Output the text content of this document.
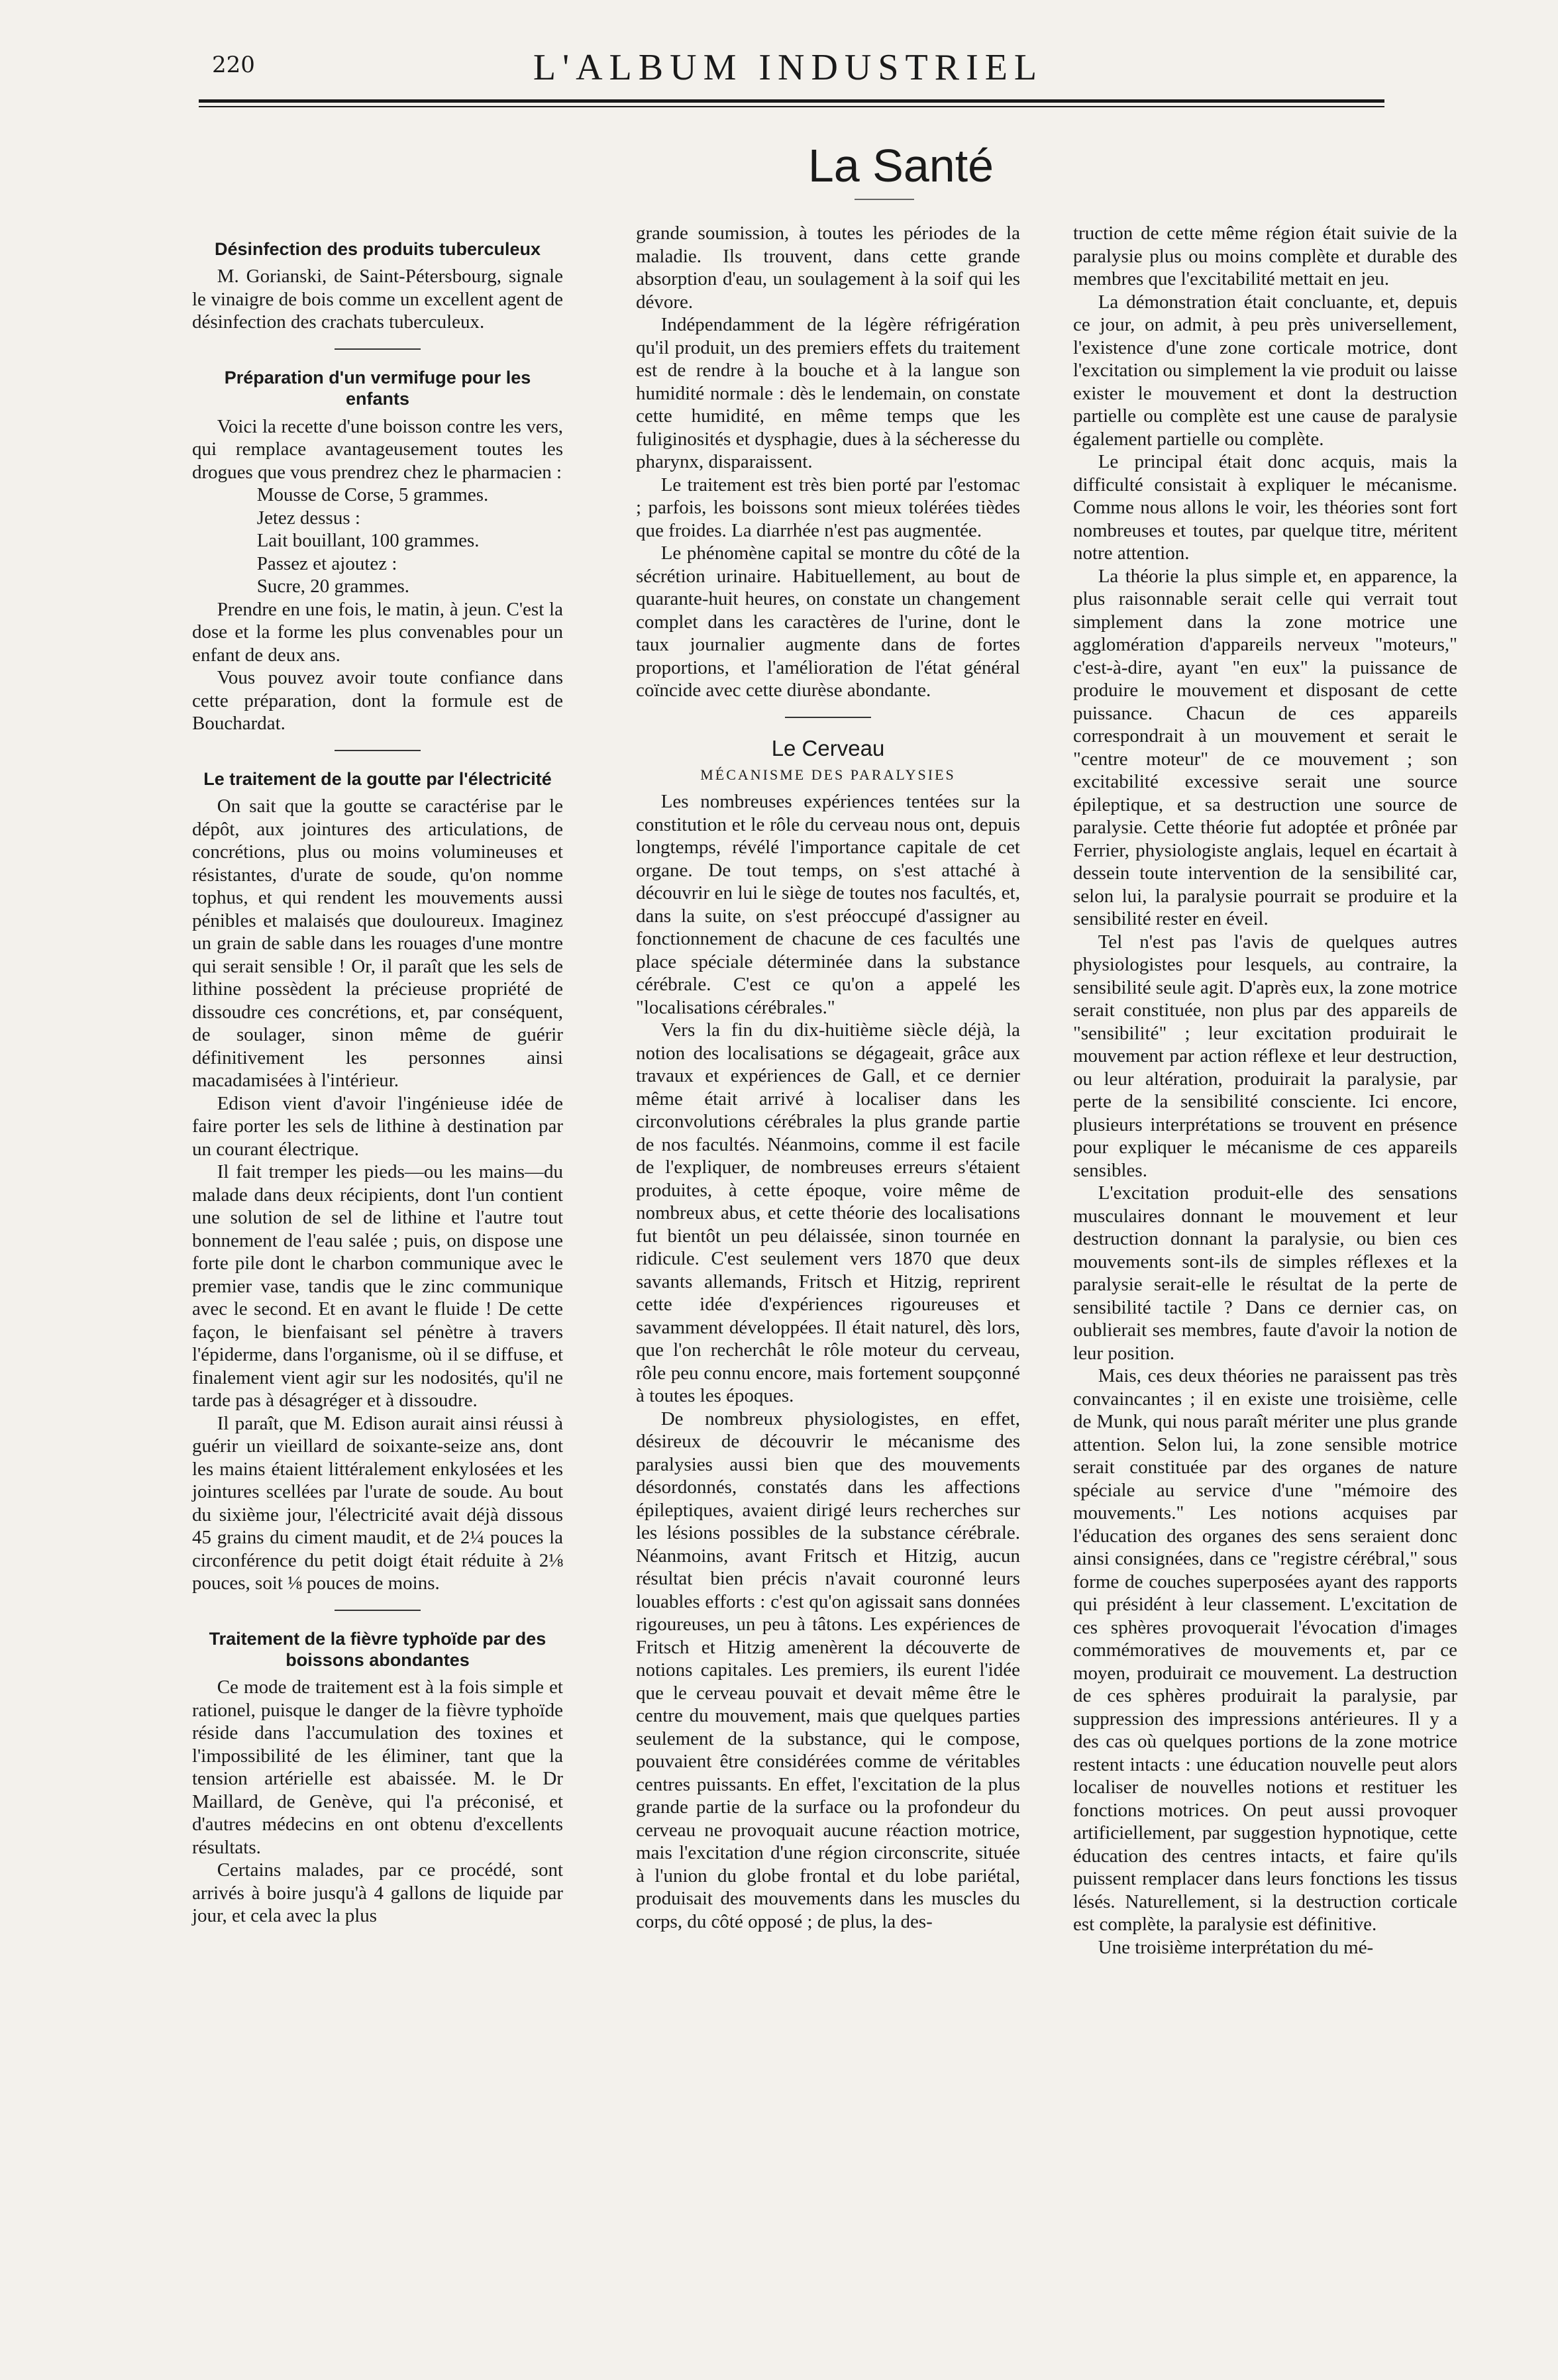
220	L'ALBUM INDUSTRIEL
La Santé
Désinfection des produits tuberculeux

M. Gorianski, de Saint-Pétersbourg, signale le vinaigre de bois comme un excellent agent de désinfection des crachats tuberculeux.

Préparation d'un vermifuge pour les enfants

Voici la recette d'une boisson contre les vers, qui remplace avantageusement toutes les drogues que vous prendrez chez le pharmacien :

Mousse de Corse, 5 grammes.

Jetez dessus :

Lait bouillant, 100 grammes.

Passez et ajoutez :

Sucre, 20 grammes.

Prendre en une fois, le matin, à jeun. C'est la dose et la forme les plus convenables pour un enfant de deux ans.

Vous pouvez avoir toute confiance dans cette préparation, dont la formule est de Bouchardat.

Le traitement de la goutte par l'électricité

On sait que la goutte se caractérise par le dépôt, aux jointures des articulations, de concrétions, plus ou moins volumineuses et résistantes, d'urate de soude, qu'on nomme tophus, et qui rendent les mouvements aussi pénibles et malaisés que douloureux. Imaginez un grain de sable dans les rouages d'une montre qui serait sensible ! Or, il paraît que les sels de lithine possèdent la précieuse propriété de dissoudre ces concrétions, et, par conséquent, de soulager, sinon même de guérir définitivement les personnes ainsi macadamisées à l'intérieur.

Edison vient d'avoir l'ingénieuse idée de faire porter les sels de lithine à destination par un courant électrique.

Il fait tremper les pieds—ou les mains—du malade dans deux récipients, dont l'un contient une solution de sel de lithine et l'autre tout bonnement de l'eau salée ; puis, on dispose une forte pile dont le charbon communique avec le premier vase, tandis que le zinc communique avec le second. Et en avant le fluide ! De cette façon, le bienfaisant sel pénètre à travers l'épiderme, dans l'organisme, où il se diffuse, et finalement vient agir sur les nodosités, qu'il ne tarde pas à désagréger et à dissoudre.

Il paraît, que M. Edison aurait ainsi réussi à guérir un vieillard de soixante-seize ans, dont les mains étaient littéralement enkylosées et les jointures scellées par l'urate de soude. Au bout du sixième jour, l'électricité avait déjà dissous 45 grains du ciment maudit, et de 2¼ pouces la circonférence du petit doigt était réduite à 2⅛ pouces, soit ⅛ pouces de moins.

Traitement de la fièvre typhoïde par des boissons abondantes

Ce mode de traitement est à la fois simple et rationel, puisque le danger de la fièvre typhoïde réside dans l'accumulation des toxines et l'impossibilité de les éliminer, tant que la tension artérielle est abaissée. M. le Dr Maillard, de Genève, qui l'a préconisé, et d'autres médecins en ont obtenu d'excellents résultats.

Certains malades, par ce procédé, sont arrivés à boire jusqu'à 4 gallons de liquide par jour, et cela avec la plus

grande soumission, à toutes les périodes de la maladie. Ils trouvent, dans cette grande absorption d'eau, un soulagement à la soif qui les dévore.

Indépendamment de la légère réfrigération qu'il produit, un des premiers effets du traitement est de rendre à la bouche et à la langue son humidité normale : dès le lendemain, on constate cette humidité, en même temps que les fuliginosités et dysphagie, dues à la sécheresse du pharynx, disparaissent.

Le traitement est très bien porté par l'estomac ; parfois, les boissons sont mieux tolérées tièdes que froides. La diarrhée n'est pas augmentée.

Le phénomène capital se montre du côté de la sécrétion urinaire. Habituellement, au bout de quarante-huit heures, on constate un changement complet dans les caractères de l'urine, dont le taux journalier augmente dans de fortes proportions, et l'amélioration de l'état général coïncide avec cette diurèse abondante.

Le Cerveau
MÉCANISME DES PARALYSIES

Les nombreuses expériences tentées sur la constitution et le rôle du cerveau nous ont, depuis longtemps, révélé l'importance capitale de cet organe. De tout temps, on s'est attaché à découvrir en lui le siège de toutes nos facultés, et, dans la suite, on s'est préoccupé d'assigner au fonctionnement de chacune de ces facultés une place spéciale déterminée dans la substance cérébrale. C'est ce qu'on a appelé les "localisations cérébrales."

Vers la fin du dix-huitième siècle déjà, la notion des localisations se dégageait, grâce aux travaux et expériences de Gall, et ce dernier même était arrivé à localiser dans les circonvolutions cérébrales la plus grande partie de nos facultés. Néanmoins, comme il est facile de l'expliquer, de nombreuses erreurs s'étaient produites, à cette époque, voire même de nombreux abus, et cette théorie des localisations fut bientôt un peu délaissée, sinon tournée en ridicule. C'est seulement vers 1870 que deux savants allemands, Fritsch et Hitzig, reprirent cette idée d'expériences rigoureuses et savamment développées. Il était naturel, dès lors, que l'on recherchât le rôle moteur du cerveau, rôle peu connu encore, mais fortement soupçonné à toutes les époques.

De nombreux physiologistes, en effet, désireux de découvrir le mécanisme des paralysies aussi bien que des mouvements désordonnés, constatés dans les affections épileptiques, avaient dirigé leurs recherches sur les lésions possibles de la substance cérébrale. Néanmoins, avant Fritsch et Hitzig, aucun résultat bien précis n'avait couronné leurs louables efforts : c'est qu'on agissait sans données rigoureuses, un peu à tâtons. Les expériences de Fritsch et Hitzig amenèrent la découverte de notions capitales. Les premiers, ils eurent l'idée que le cerveau pouvait et devait même être le centre du mouvement, mais que quelques parties seulement de la substance, qui le compose, pouvaient être considérées comme de véritables centres puissants. En effet, l'excitation de la plus grande partie de la surface ou la profondeur du cerveau ne provoquait aucune réaction motrice, mais l'excitation d'une région circonscrite, située à l'union du globe frontal et du lobe pariétal, produisait des mouvements dans les muscles du corps, du côté opposé ; de plus, la des-

truction de cette même région était suivie de la paralysie plus ou moins complète et durable des membres que l'excitabilité mettait en jeu.

La démonstration était concluante, et, depuis ce jour, on admit, à peu près universellement, l'existence d'une zone corticale motrice, dont l'excitation ou simplement la vie produit ou laisse exister le mouvement et dont la destruction partielle ou complète est une cause de paralysie également partielle ou complète.

Le principal était donc acquis, mais la difficulté consistait à expliquer le mécanisme. Comme nous allons le voir, les théories sont fort nombreuses et toutes, par quelque titre, méritent notre attention.

La théorie la plus simple et, en apparence, la plus raisonnable serait celle qui verrait tout simplement dans la zone motrice une agglomération d'appareils nerveux "moteurs," c'est-à-dire, ayant "en eux" la puissance de produire le mouvement et disposant de cette puissance. Chacun de ces appareils correspondrait à un mouvement et serait le "centre moteur" de ce mouvement ; son excitabilité excessive serait une source épileptique, et sa destruction une source de paralysie. Cette théorie fut adoptée et prônée par Ferrier, physiologiste anglais, lequel en écartait à dessein toute intervention de la sensibilité car, selon lui, la paralysie pourrait se produire et la sensibilité rester en éveil.

Tel n'est pas l'avis de quelques autres physiologistes pour lesquels, au contraire, la sensibilité seule agit. D'après eux, la zone motrice serait constituée, non plus par des appareils de "sensibilité" ; leur excitation produirait le mouvement par action réflexe et leur destruction, ou leur altération, produirait la paralysie, par perte de la sensibilité consciente. Ici encore, plusieurs interprétations se trouvent en présence pour expliquer le mécanisme de ces appareils sensibles.

L'excitation produit-elle des sensations musculaires donnant le mouvement et leur destruction donnant la paralysie, ou bien ces mouvements sont-ils de simples réflexes et la paralysie serait-elle le résultat de la perte de sensibilité tactile ? Dans ce dernier cas, on oublierait ses membres, faute d'avoir la notion de leur position.

Mais, ces deux théories ne paraissent pas très convaincantes ; il en existe une troisième, celle de Munk, qui nous paraît mériter une plus grande attention. Selon lui, la zone sensible motrice serait constituée par des organes de nature spéciale au service d'une "mémoire des mouvements." Les notions acquises par l'éducation des organes des sens seraient donc ainsi consignées, dans ce "registre cérébral," sous forme de couches superposées ayant des rapports qui présidént à leur classement. L'excitation de ces sphères provoquerait l'évocation d'images commémoratives de mouvements et, par ce moyen, produirait ce mouvement. La destruction de ces sphères produirait la paralysie, par suppression des impressions antérieures. Il y a des cas où quelques portions de la zone motrice restent intacts : une éducation nouvelle peut alors localiser de nouvelles notions et restituer les fonctions motrices. On peut aussi provoquer artificiellement, par suggestion hypnotique, cette éducation des centres intacts, et faire qu'ils puissent remplacer dans leurs fonctions les tissus lésés. Naturellement, si la destruction corticale est complète, la paralysie est définitive.

Une troisième interprétation du mé-
